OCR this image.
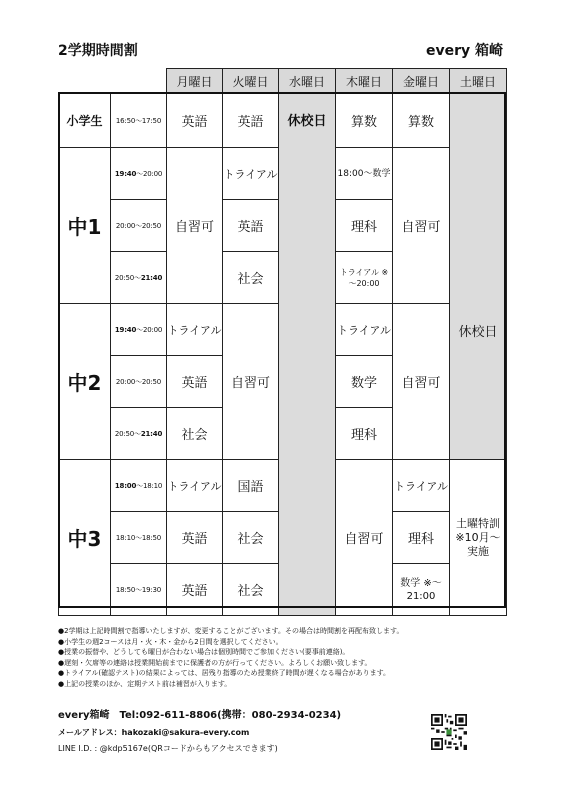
2学期時間割	every 箱崎
		月曜日	火曜日	水曜日	木曜日	金曜日	土曜日
小学生	16:50～17:50	英語	英語	休校日	算数	算数	休校日
中1	19:40～20:00	自習可	トライアル		18:00～数学	自習可	
	20:00～20:50		英語		理科		
	20:50～21:40		社会		トライアル ※～20:00		
中2	19:40～20:00	トライアル	自習可		トライアル	自習可	
	20:00～20:50	英語			数学		
	20:50～21:40	社会			理科		
中3	18:00～18:10	トライアル	国語		自習可	トライアル	土曜特訓 ※10月～ 実施
	18:10～18:50	英語	社会			理科	
	18:50～19:30	英語	社会			数学 ※～21:00	
●2学期は上記時間割で指導いたしますが、変更することがございます。その場合は時間割を再配布致します。
●小学生の週2コースは月・火・木・金から2日間を選択してください。
●授業の振替や、どうしても曜日が合わない場合は個別時間でご参加ください(要事前連絡)。
●遅刻・欠席等の連絡は授業開始前までに保護者の方が行ってください。よろしくお願い致します。
●トライアル(確認テスト)の結果によっては、居残り指導のため授業終了時間が遅くなる場合があります。
●上記の授業のほか、定期テスト前は補習が入ります。
every箱崎　Tel:092-611-8806(携帯：080-2934-0234)
メールアドレス：hakozaki@sakura-every.com
LINE I.D. : @kdp5167e(QRコードからもアクセスできます)
